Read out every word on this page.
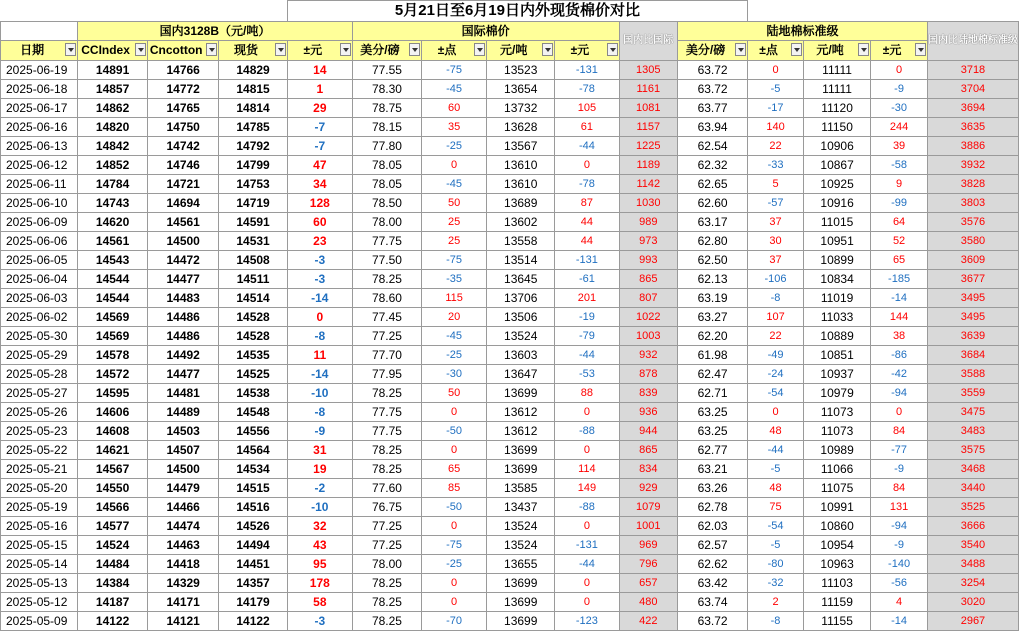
				5月21日至6月19日内外现货棉价对比										
	国内3128B（元/吨）				国际棉价				国内比国际	陆地棉标准级				国内比陆地棉标准级

日期	CCIndex	Cncotton	现货	±元	美分/磅	±点	元/吨	±元		美分/磅	±点	元/吨	±元	

2025-06-19	14891	14766	14829	14	77.55	-75	13523	-131	1305	63.72	0	11111	0	3718
2025-06-18	14857	14772	14815	1	78.30	-45	13654	-78	1161	63.72	-5	11111	-9	3704
2025-06-17	14862	14765	14814	29	78.75	60	13732	105	1081	63.77	-17	11120	-30	3694
2025-06-16	14820	14750	14785	-7	78.15	35	13628	61	1157	63.94	140	11150	244	3635
2025-06-13	14842	14742	14792	-7	77.80	-25	13567	-44	1225	62.54	22	10906	39	3886
2025-06-12	14852	14746	14799	47	78.05	0	13610	0	1189	62.32	-33	10867	-58	3932
2025-06-11	14784	14721	14753	34	78.05	-45	13610	-78	1142	62.65	5	10925	9	3828
2025-06-10	14743	14694	14719	128	78.50	50	13689	87	1030	62.60	-57	10916	-99	3803
2025-06-09	14620	14561	14591	60	78.00	25	13602	44	989	63.17	37	11015	64	3576
2025-06-06	14561	14500	14531	23	77.75	25	13558	44	973	62.80	30	10951	52	3580
2025-06-05	14543	14472	14508	-3	77.50	-75	13514	-131	993	62.50	37	10899	65	3609
2025-06-04	14544	14477	14511	-3	78.25	-35	13645	-61	865	62.13	-106	10834	-185	3677
2025-06-03	14544	14483	14514	-14	78.60	115	13706	201	807	63.19	-8	11019	-14	3495
2025-06-02	14569	14486	14528	0	77.45	20	13506	-19	1022	63.27	107	11033	144	3495
2025-05-30	14569	14486	14528	-8	77.25	-45	13524	-79	1003	62.20	22	10889	38	3639
2025-05-29	14578	14492	14535	11	77.70	-25	13603	-44	932	61.98	-49	10851	-86	3684
2025-05-28	14572	14477	14525	-14	77.95	-30	13647	-53	878	62.47	-24	10937	-42	3588
2025-05-27	14595	14481	14538	-10	78.25	50	13699	88	839	62.71	-54	10979	-94	3559
2025-05-26	14606	14489	14548	-8	77.75	0	13612	0	936	63.25	0	11073	0	3475
2025-05-23	14608	14503	14556	-9	77.75	-50	13612	-88	944	63.25	48	11073	84	3483
2025-05-22	14621	14507	14564	31	78.25	0	13699	0	865	62.77	-44	10989	-77	3575
2025-05-21	14567	14500	14534	19	78.25	65	13699	114	834	63.21	-5	11066	-9	3468
2025-05-20	14550	14479	14515	-2	77.60	85	13585	149	929	63.26	48	11075	84	3440
2025-05-19	14566	14466	14516	-10	76.75	-50	13437	-88	1079	62.78	75	10991	131	3525
2025-05-16	14577	14474	14526	32	77.25	0	13524	0	1001	62.03	-54	10860	-94	3666
2025-05-15	14524	14463	14494	43	77.25	-75	13524	-131	969	62.57	-5	10954	-9	3540
2025-05-14	14484	14418	14451	95	78.00	-25	13655	-44	796	62.62	-80	10963	-140	3488
2025-05-13	14384	14329	14357	178	78.25	0	13699	0	657	63.42	-32	11103	-56	3254
2025-05-12	14187	14171	14179	58	78.25	0	13699	0	480	63.74	2	11159	4	3020
2025-05-09	14122	14121	14122	-3	78.25	-70	13699	-123	422	63.72	-8	11155	-14	2967
